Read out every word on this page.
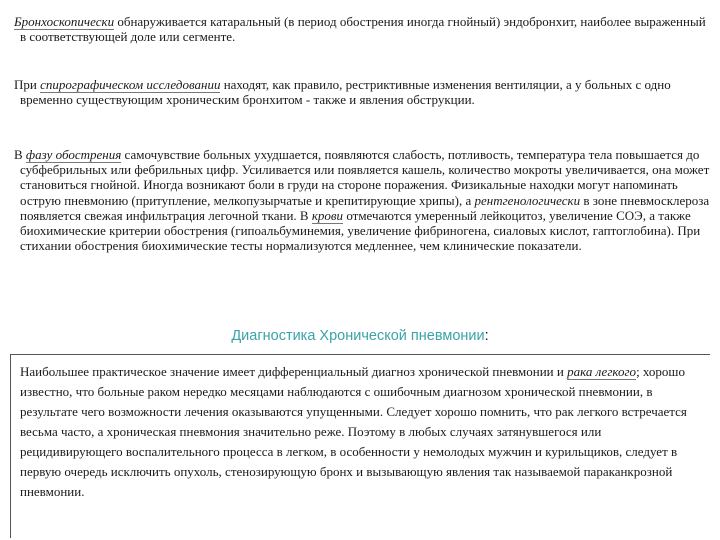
Бронхоскопически обнаруживается катаральный (в период обострения иногда гнойный) эндобронхит, наиболее выраженный в соответствующей доле или сегменте.
При спирографическом исследовании находят, как правило, рестриктивные изменения вентиляции, а у больных с одно временно существующим хроническим бронхитом - также и явления обструкции.
В фазу обострения самочувствие больных ухудшается, появляются слабость, потливость, температура тела повышается до субфебрильных или фебрильных цифр. Усиливается или появляется кашель, количество мокроты увеличивается, она может становиться гнойной. Иногда возникают боли в груди на стороне поражения. Физикальные находки могут напоминать острую пневмонию (притупление, мелкопузырчатые и крепитирующие хрипы), а рентгенологически в зоне пневмосклероза появляется свежая инфильтрация легочной ткани. В крови отмечаются умеренный лейкоцитоз, увеличение СОЭ, а также биохимические критерии обострения (гипоальбуминемия, увеличение фибриногена, сиаловых кислот, гаптоглобина). При стихании обострения биохимические тесты нормализуются медленнее, чем клинические показатели.
Диагностика Хронической пневмонии:
Наибольшее практическое значение имеет дифференциальный диагноз хронической пневмонии и рака легкого; хорошо известно, что больные раком нередко месяцами наблюдаются с ошибочным диагнозом хронической пневмонии, в результате чего возможности лечения оказываются упущенными. Следует хорошо помнить, что рак легкого встречается весьма часто, а хроническая пневмония значительно реже. Поэтому в любых случаях затянувшегося или рецидивирующего воспалительного процесса в легком, в особенности у немолодых мужчин и курильщиков, следует в первую очередь исключить опухоль, стенозирующую бронх и вызывающую явления так называемой параканкрозной пневмонии.
